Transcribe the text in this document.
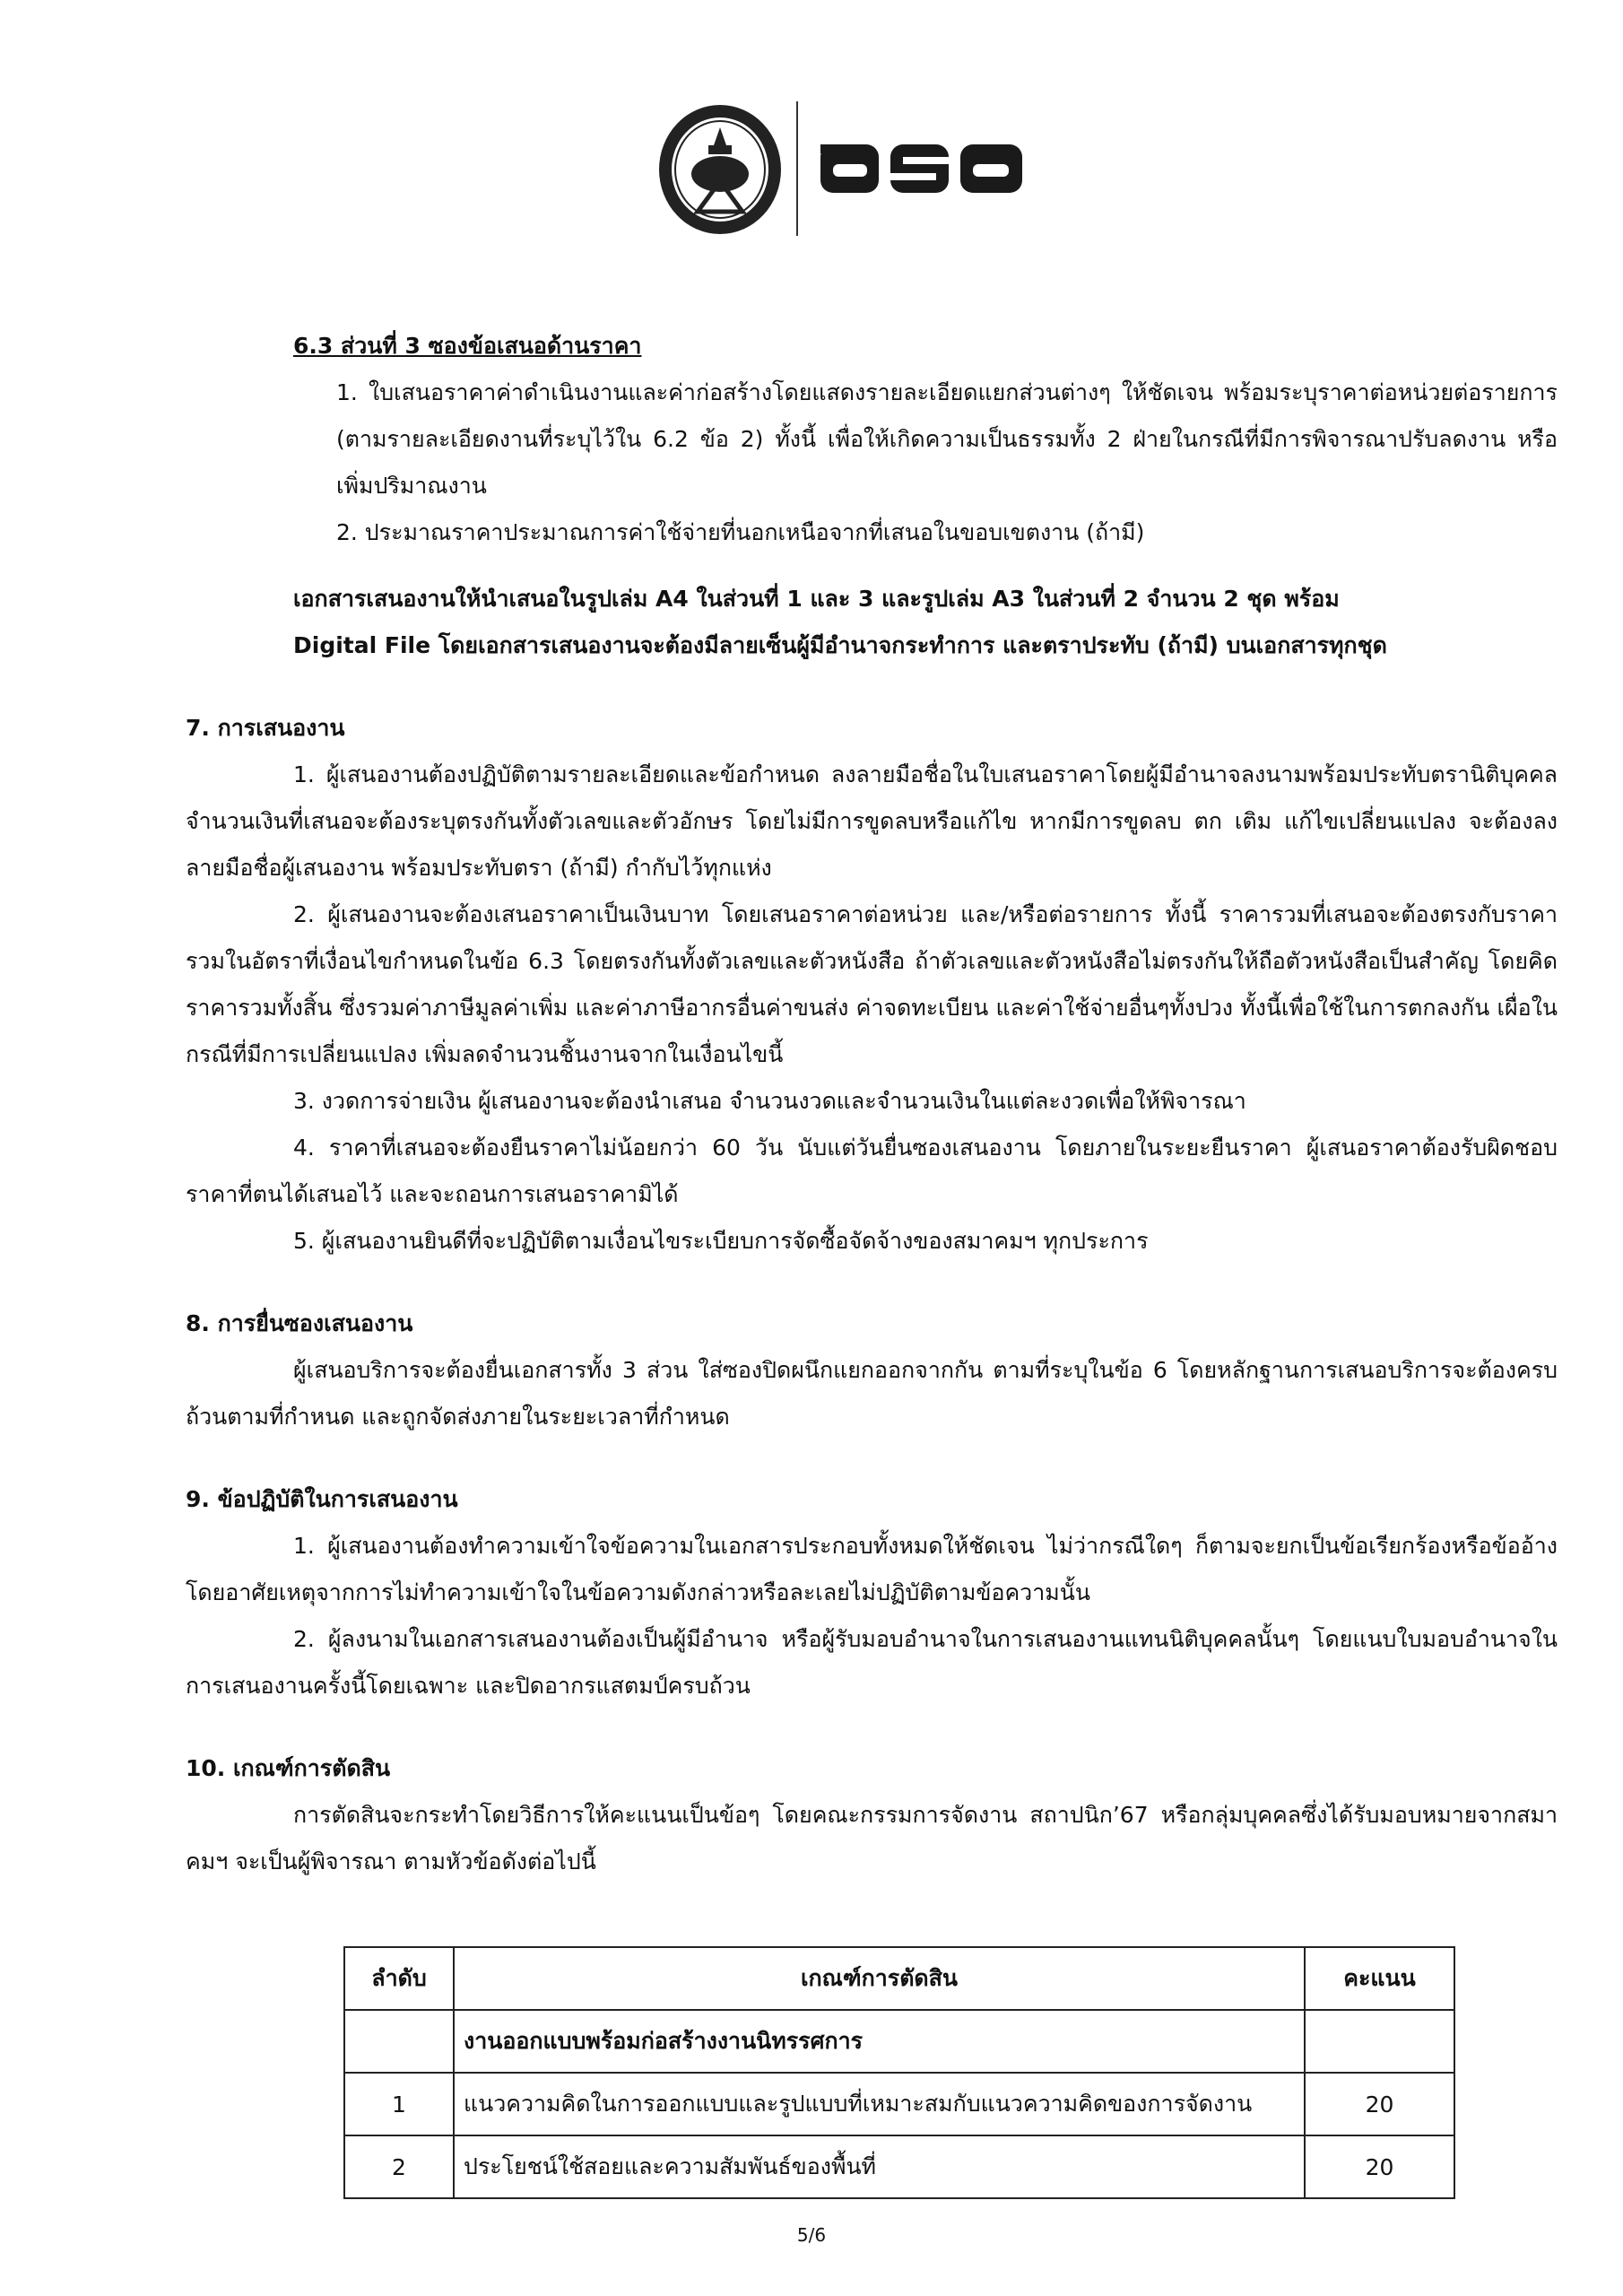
6.3 ส่วนที่ 3 ซองข้อเสนอด้านราคา

1. ใบเสนอราคาค่าดำเนินงานและค่าก่อสร้างโดยแสดงรายละเอียดแยกส่วนต่างๆ ให้ชัดเจน พร้อมระบุราคาต่อหน่วยต่อรายการ (ตามรายละเอียดงานที่ระบุไว้ใน 6.2 ข้อ 2) ทั้งนี้ เพื่อให้เกิดความเป็นธรรมทั้ง 2 ฝ่ายในกรณีที่มีการพิจารณาปรับลดงาน หรือเพิ่มปริมาณงาน

2. ประมาณราคาประมาณการค่าใช้จ่ายที่นอกเหนือจากที่เสนอในขอบเขตงาน (ถ้ามี)

เอกสารเสนองานให้นำเสนอในรูปเล่ม A4 ในส่วนที่ 1 และ 3 และรูปเล่ม A3 ในส่วนที่ 2 จำนวน 2 ชุด พร้อม

Digital File โดยเอกสารเสนองานจะต้องมีลายเซ็นผู้มีอำนาจกระทำการ และตราประทับ (ถ้ามี) บนเอกสารทุกชุด

7. การเสนองาน

1. ผู้เสนองานต้องปฏิบัติตามรายละเอียดและข้อกำหนด ลงลายมือชื่อในใบเสนอราคาโดยผู้มีอำนาจลงนามพร้อมประทับตรานิติบุคคล จำนวนเงินที่เสนอจะต้องระบุตรงกันทั้งตัวเลขและตัวอักษร โดยไม่มีการขูดลบหรือแก้ไข หากมีการขูดลบ ตก เติม แก้ไขเปลี่ยนแปลง จะต้องลงลายมือชื่อผู้เสนองาน พร้อมประทับตรา (ถ้ามี) กำกับไว้ทุกแห่ง

2. ผู้เสนองานจะต้องเสนอราคาเป็นเงินบาท โดยเสนอราคาต่อหน่วย และ/หรือต่อรายการ ทั้งนี้ ราคารวมที่เสนอจะต้องตรงกับราคารวมในอัตราที่เงื่อนไขกำหนดในข้อ 6.3 โดยตรงกันทั้งตัวเลขและตัวหนังสือ ถ้าตัวเลขและตัวหนังสือไม่ตรงกันให้ถือตัวหนังสือเป็นสำคัญ โดยคิดราคารวมทั้งสิ้น ซึ่งรวมค่าภาษีมูลค่าเพิ่ม และค่าภาษีอากรอื่นค่าขนส่ง ค่าจดทะเบียน และค่าใช้จ่ายอื่นๆทั้งปวง ทั้งนี้เพื่อใช้ในการตกลงกัน เผื่อในกรณีที่มีการเปลี่ยนแปลง เพิ่มลดจำนวนชิ้นงานจากในเงื่อนไขนี้

3. งวดการจ่ายเงิน ผู้เสนองานจะต้องนำเสนอ จำนวนงวดและจำนวนเงินในแต่ละงวดเพื่อให้พิจารณา

4. ราคาที่เสนอจะต้องยืนราคาไม่น้อยกว่า 60 วัน นับแต่วันยื่นซองเสนองาน โดยภายในระยะยืนราคา ผู้เสนอราคาต้องรับผิดชอบราคาที่ตนได้เสนอไว้ และจะถอนการเสนอราคามิได้

5. ผู้เสนองานยินดีที่จะปฏิบัติตามเงื่อนไขระเบียบการจัดซื้อจัดจ้างของสมาคมฯ ทุกประการ

8. การยื่นซองเสนองาน

ผู้เสนอบริการจะต้องยื่นเอกสารทั้ง 3 ส่วน ใส่ซองปิดผนึกแยกออกจากกัน ตามที่ระบุในข้อ 6 โดยหลักฐานการเสนอบริการจะต้องครบถ้วนตามที่กำหนด และถูกจัดส่งภายในระยะเวลาที่กำหนด

9. ข้อปฏิบัติในการเสนองาน

1. ผู้เสนองานต้องทำความเข้าใจข้อความในเอกสารประกอบทั้งหมดให้ชัดเจน ไม่ว่ากรณีใดๆ ก็ตามจะยกเป็นข้อเรียกร้องหรือข้ออ้างโดยอาศัยเหตุจากการไม่ทำความเข้าใจในข้อความดังกล่าวหรือละเลยไม่ปฏิบัติตามข้อความนั้น

2. ผู้ลงนามในเอกสารเสนองานต้องเป็นผู้มีอำนาจ หรือผู้รับมอบอำนาจในการเสนองานแทนนิติบุคคลนั้นๆ โดยแนบใบมอบอำนาจในการเสนองานครั้งนี้โดยเฉพาะ และปิดอากรแสตมป์ครบถ้วน

10. เกณฑ์การตัดสิน

การตัดสินจะกระทำโดยวิธีการให้คะแนนเป็นข้อๆ โดยคณะกรรมการจัดงาน สถาปนิก’67 หรือกลุ่มบุคคลซึ่งได้รับมอบหมายจากสมาคมฯ จะเป็นผู้พิจารณา ตามหัวข้อดังต่อไปนี้

ลำดับ	เกณฑ์การตัดสิน	คะแนน
	งานออกแบบพร้อมก่อสร้างงานนิทรรศการ	
1	แนวความคิดในการออกแบบและรูปแบบที่เหมาะสมกับแนวความคิดของการจัดงาน	20
2	ประโยชน์ใช้สอยและความสัมพันธ์ของพื้นที่	20
5/6
